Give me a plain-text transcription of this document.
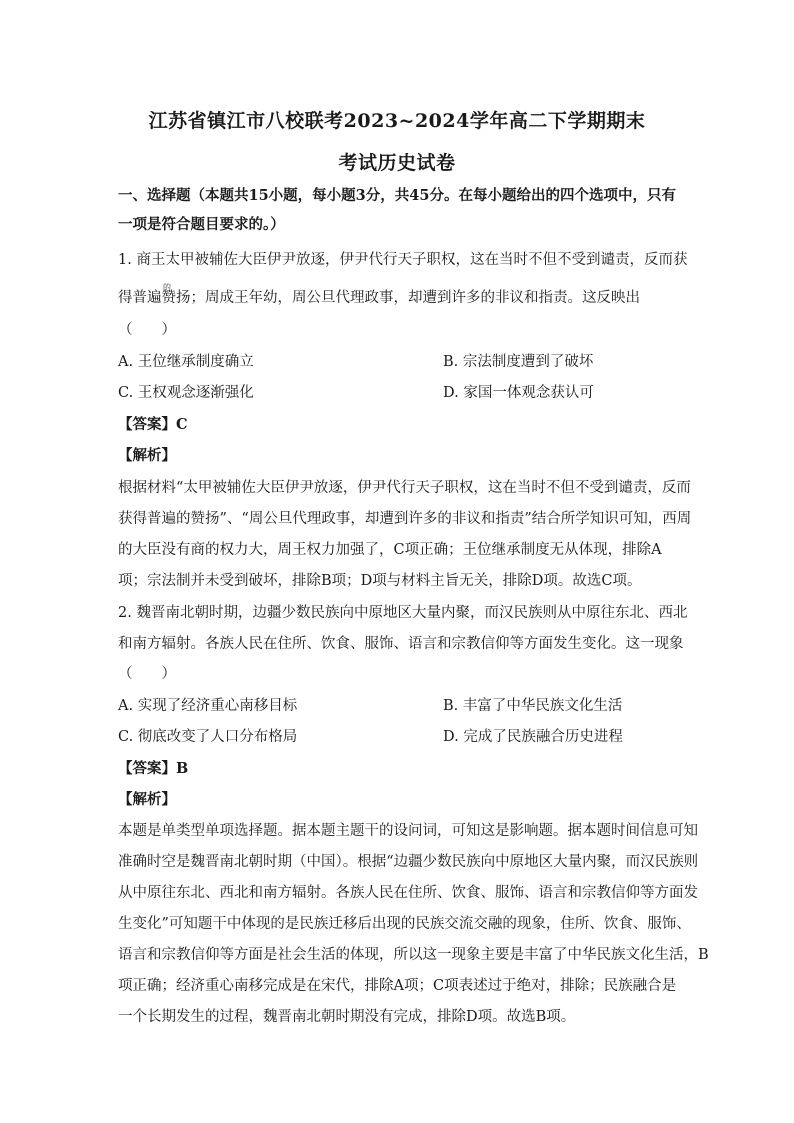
江苏省镇江市八校联考2023~2024学年高二下学期期末
考试历史试卷
一、选择题（本题共15小题，每小题3分，共45分。在每小题给出的四个选项中，只有
一项是符合题目要求的。）
1. 商王太甲被辅佐大臣伊尹放逐，伊尹代行天子职权，这在当时不但不受到谴责，反而获
的
得普遍赞扬；周成王年幼，周公旦代理政事，却遭到许多的非议和指责。这反映出
（　　）
A. 王位继承制度确立	B. 宗法制度遭到了破坏
C. 王权观念逐渐强化	D. 家国一体观念获认可
【答案】C
【解析】
根据材料“太甲被辅佐大臣伊尹放逐，伊尹代行天子职权，这在当时不但不受到谴责，反而
获得普遍的赞扬”、“周公旦代理政事，却遭到许多的非议和指责”结合所学知识可知，西周
的大臣没有商的权力大，周王权力加强了，C项正确；王位继承制度无从体现，排除A
项；宗法制并未受到破坏，排除B项；D项与材料主旨无关，排除D项。故选C项。
2. 魏晋南北朝时期，边疆少数民族向中原地区大量内聚，而汉民族则从中原往东北、西北
和南方辐射。各族人民在住所、饮食、服饰、语言和宗教信仰等方面发生变化。这一现象
（　　）
A. 实现了经济重心南移目标	B. 丰富了中华民族文化生活
C. 彻底改变了人口分布格局	D. 完成了民族融合历史进程
【答案】B
【解析】
本题是单类型单项选择题。据本题主题干的设问词，可知这是影响题。据本题时间信息可知
准确时空是魏晋南北朝时期（中国）。根据“边疆少数民族向中原地区大量内聚，而汉民族则
从中原往东北、西北和南方辐射。各族人民在住所、饮食、服饰、语言和宗教信仰等方面发
生变化”可知题干中体现的是民族迁移后出现的民族交流交融的现象，住所、饮食、服饰、
语言和宗教信仰等方面是社会生活的体现，所以这一现象主要是丰富了中华民族文化生活，B
项正确；经济重心南移完成是在宋代，排除A项；C项表述过于绝对，排除；民族融合是
一个长期发生的过程，魏晋南北朝时期没有完成，排除D项。故选B项。
